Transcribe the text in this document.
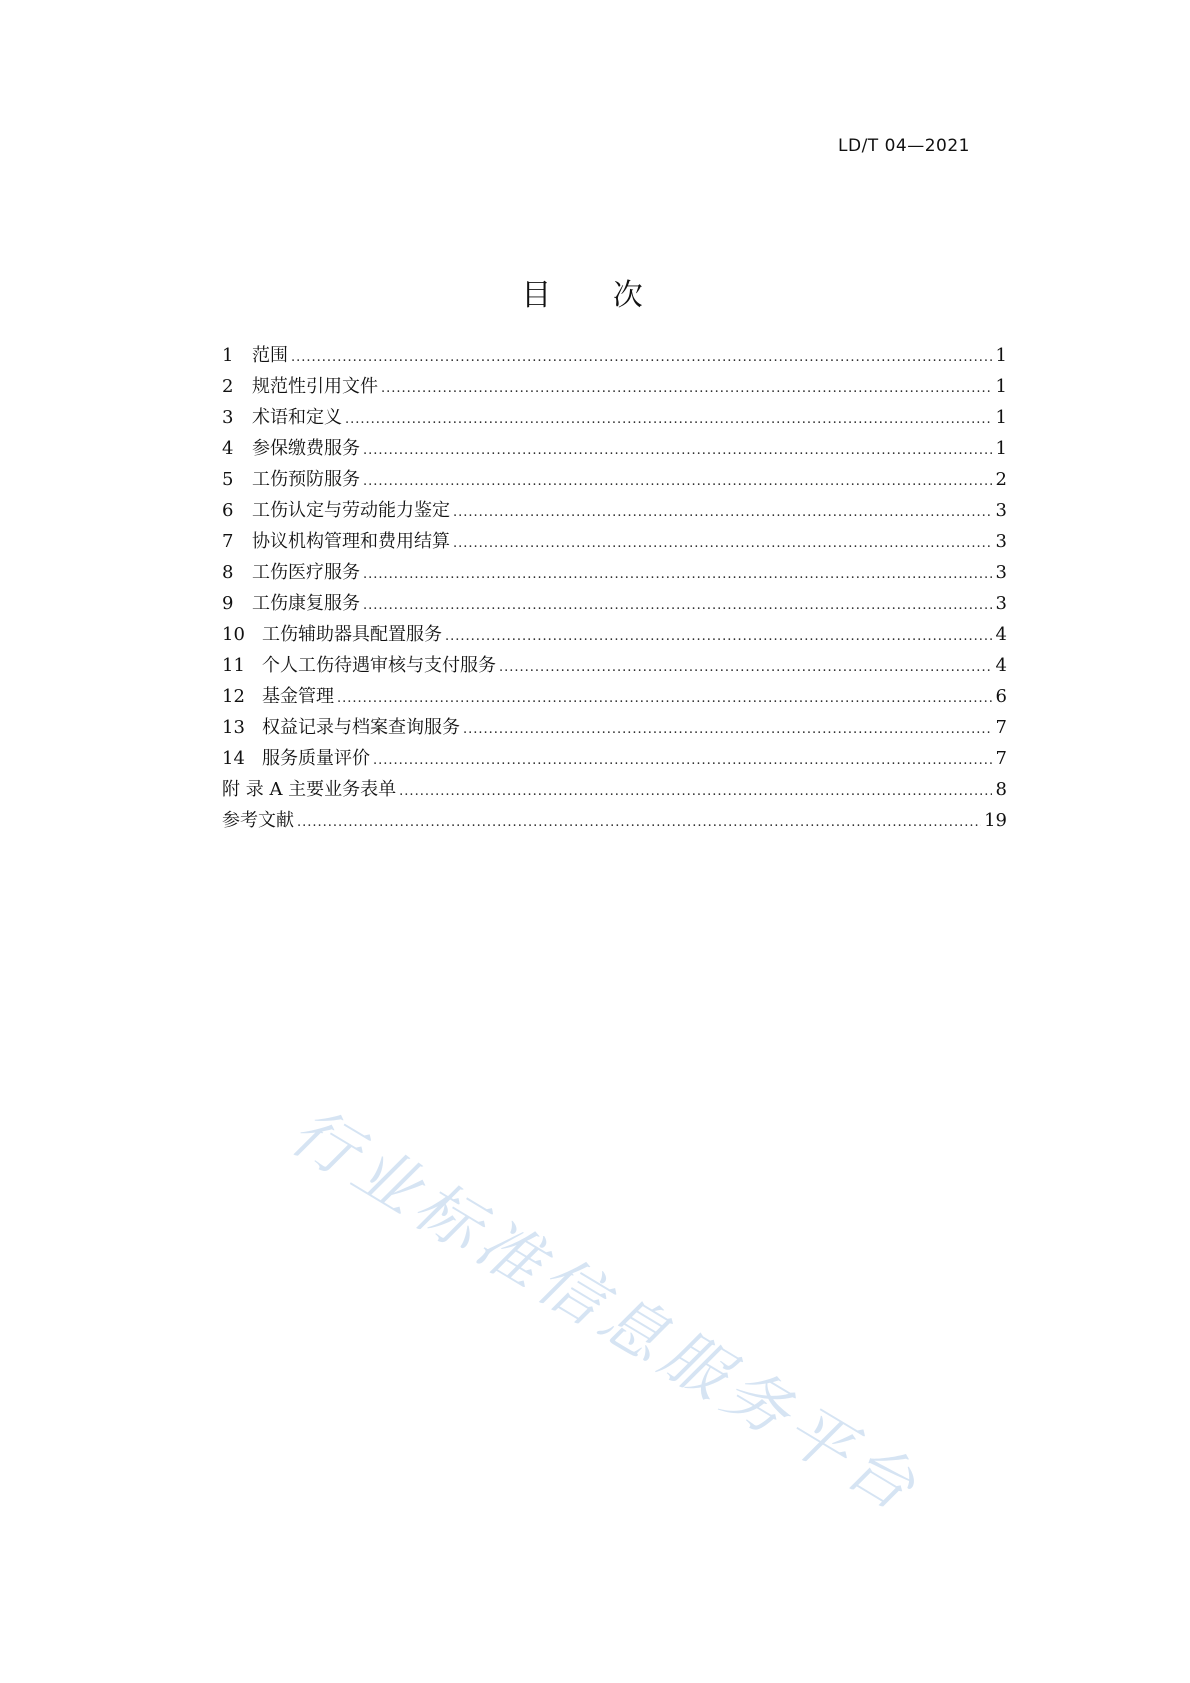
LD/T 04—2021
目 次
1	范围 .....	1
2	规范性引用文件 .....	1
3	术语和定义 .....	1
4	参保缴费服务 .....	1
5	工伤预防服务 .....	2
6	工伤认定与劳动能力鉴定 .....	3
7	协议机构管理和费用结算 .....	3
8	工伤医疗服务 .....	3
9	工伤康复服务 .....	3
10 工伤辅助器具配置服务 .....	4
11 个人工伤待遇审核与支付服务 .....	4
12 基金管理 .....	6
13 权益记录与档案查询服务 .....	7
14 服务质量评价 .....	7
附 录 A 主要业务表单 .....	8
参考文献 .....	19
行业标准信息服务平台
